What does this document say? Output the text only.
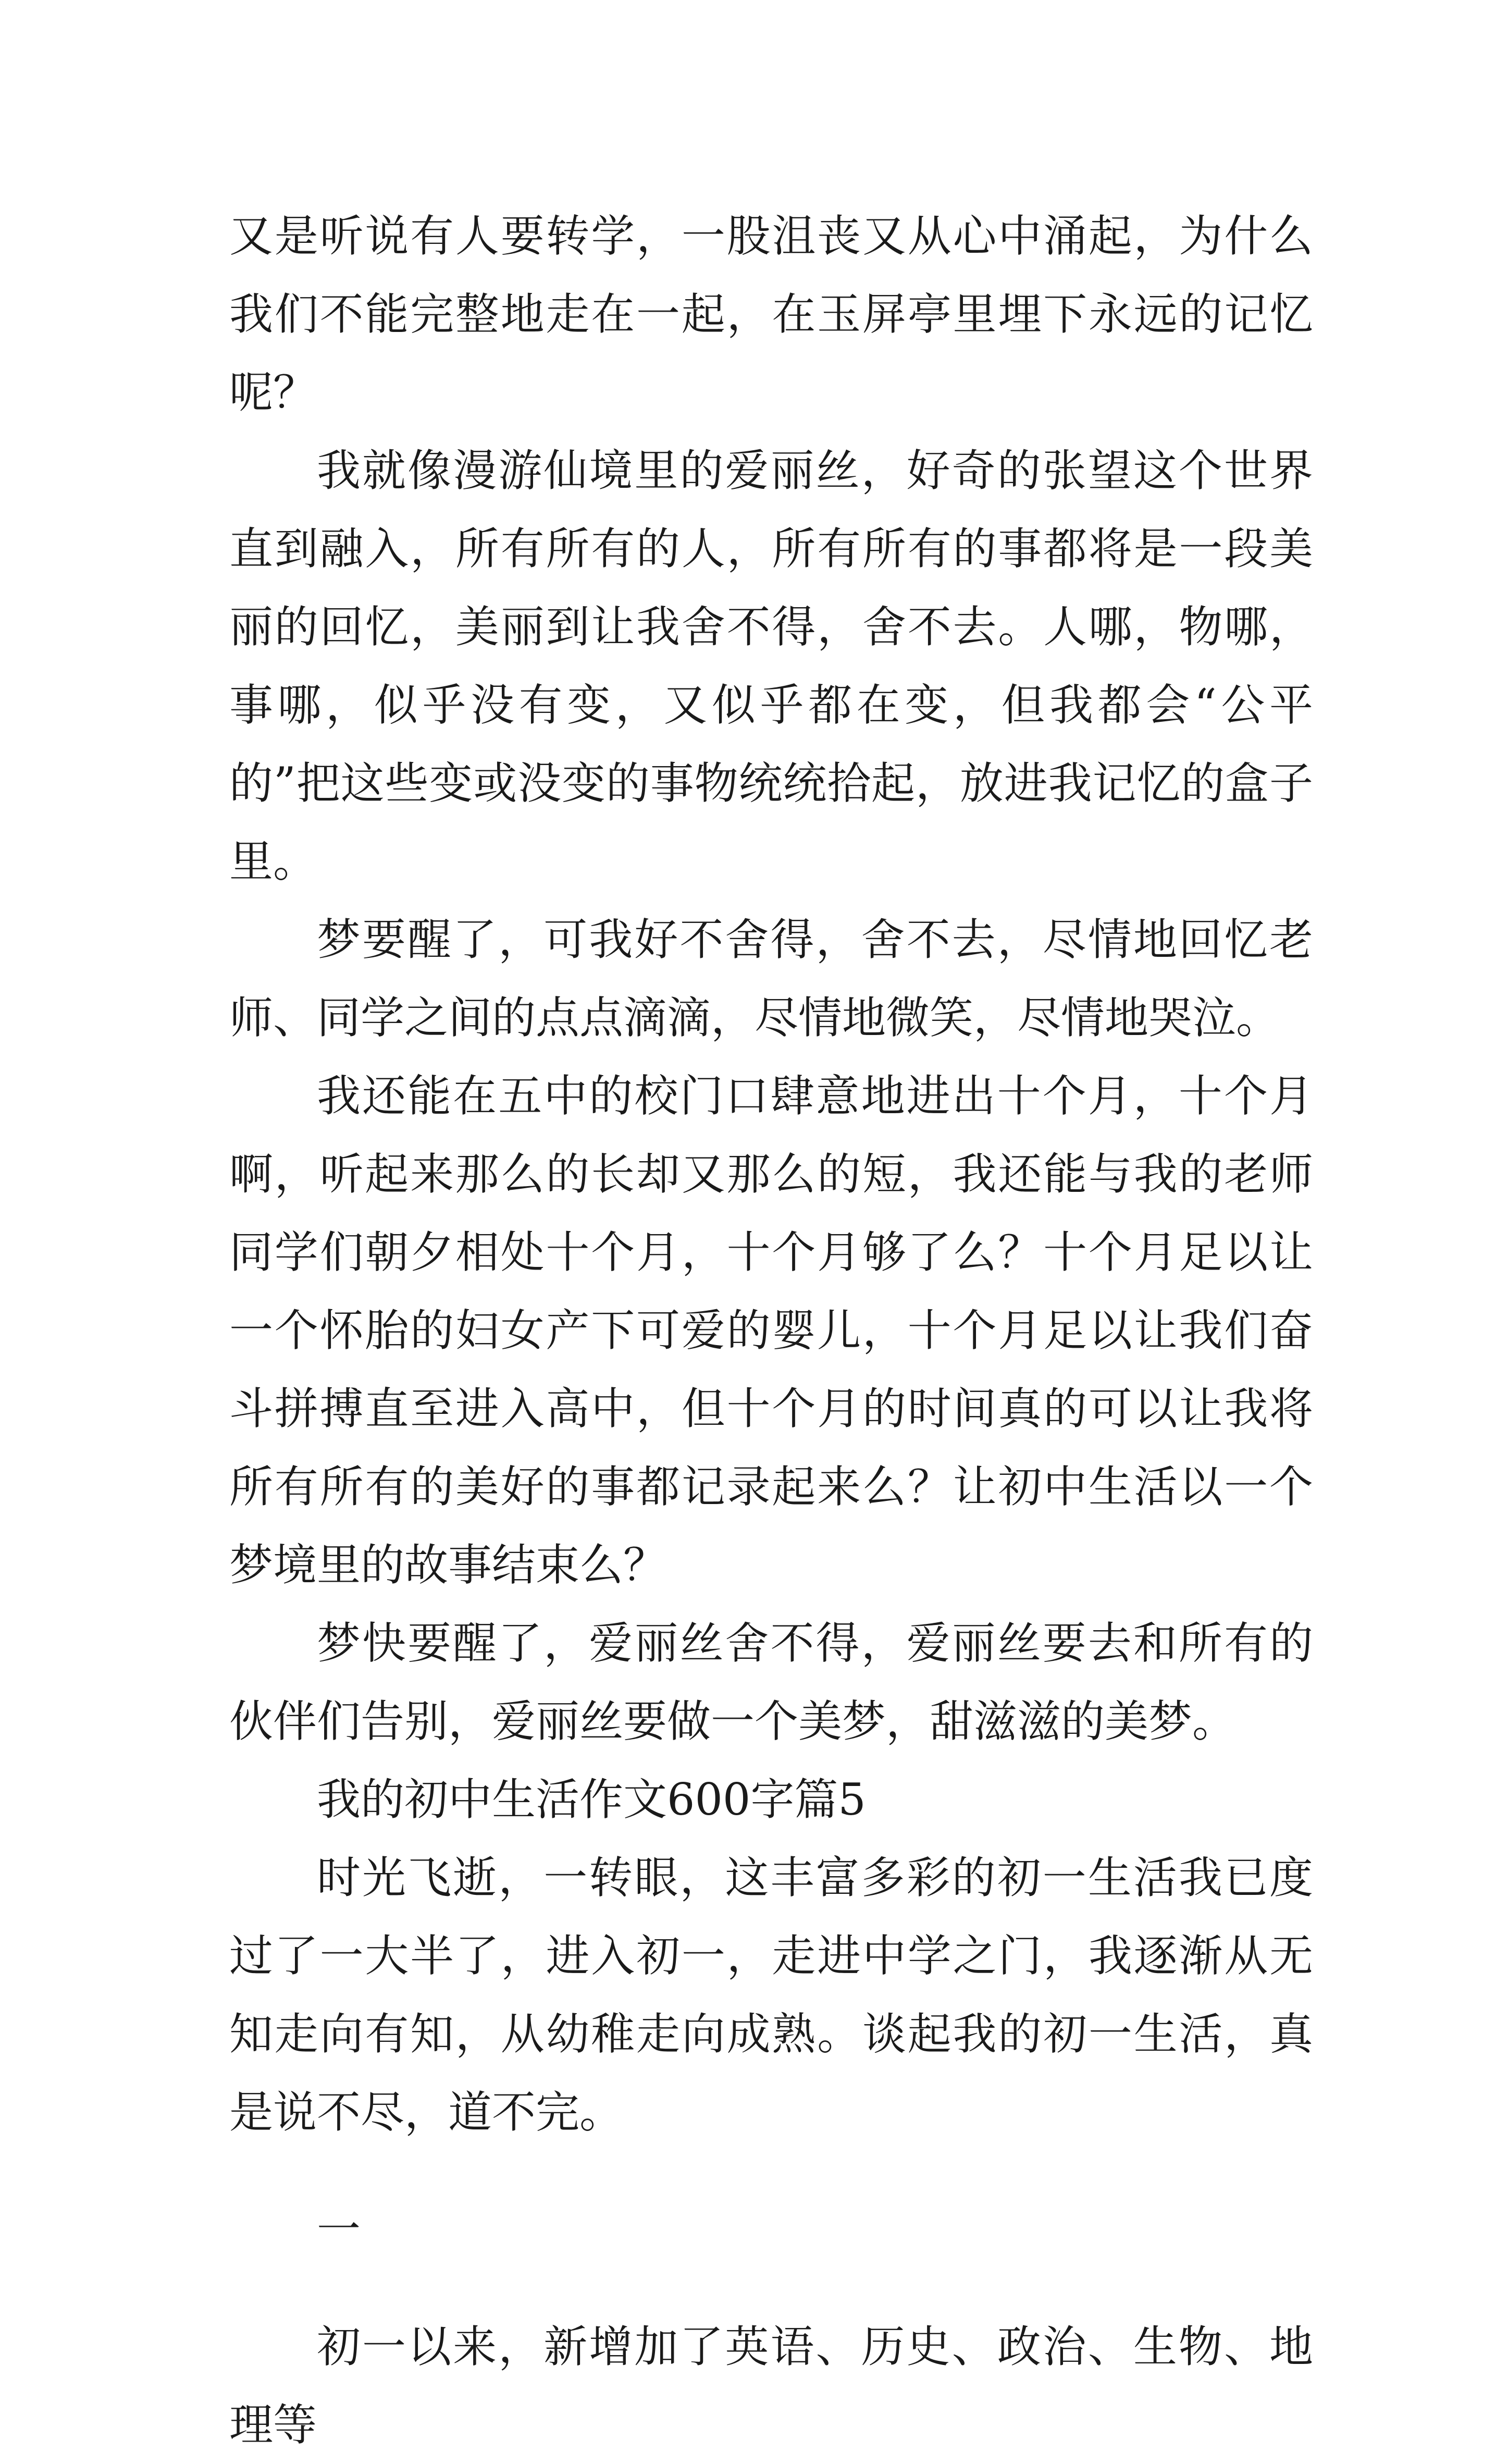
又是听说有人要转学，一股沮丧又从心中涌起，为什么我们不能完整地走在一起，在玉屏亭里埋下永远的记忆呢？

我就像漫游仙境里的爱丽丝，好奇的张望这个世界直到融入，所有所有的人，所有所有的事都将是一段美丽的回忆，美丽到让我舍不得，舍不去。人哪，物哪，事哪，似乎没有变，又似乎都在变，但我都会“公平的”把这些变或没变的事物统统拾起，放进我记忆的盒子里。

梦要醒了，可我好不舍得，舍不去，尽情地回忆老师、同学之间的点点滴滴，尽情地微笑，尽情地哭泣。

我还能在五中的校门口肆意地进出十个月，十个月啊，听起来那么的长却又那么的短，我还能与我的老师同学们朝夕相处十个月，十个月够了么？十个月足以让一个怀胎的妇女产下可爱的婴儿，十个月足以让我们奋斗拼搏直至进入高中，但十个月的时间真的可以让我将所有所有的美好的事都记录起来么？让初中生活以一个梦境里的故事结束么？

梦快要醒了，爱丽丝舍不得，爱丽丝要去和所有的伙伴们告别，爱丽丝要做一个美梦，甜滋滋的美梦。

我的初中生活作文600字篇5

时光飞逝，一转眼，这丰富多彩的初一生活我已度过了一大半了，进入初一，走进中学之门，我逐渐从无知走向有知，从幼稚走向成熟。谈起我的初一生活，真是说不尽，道不完。

一

初一以来，新增加了英语、历史、政治、生物、地理等
